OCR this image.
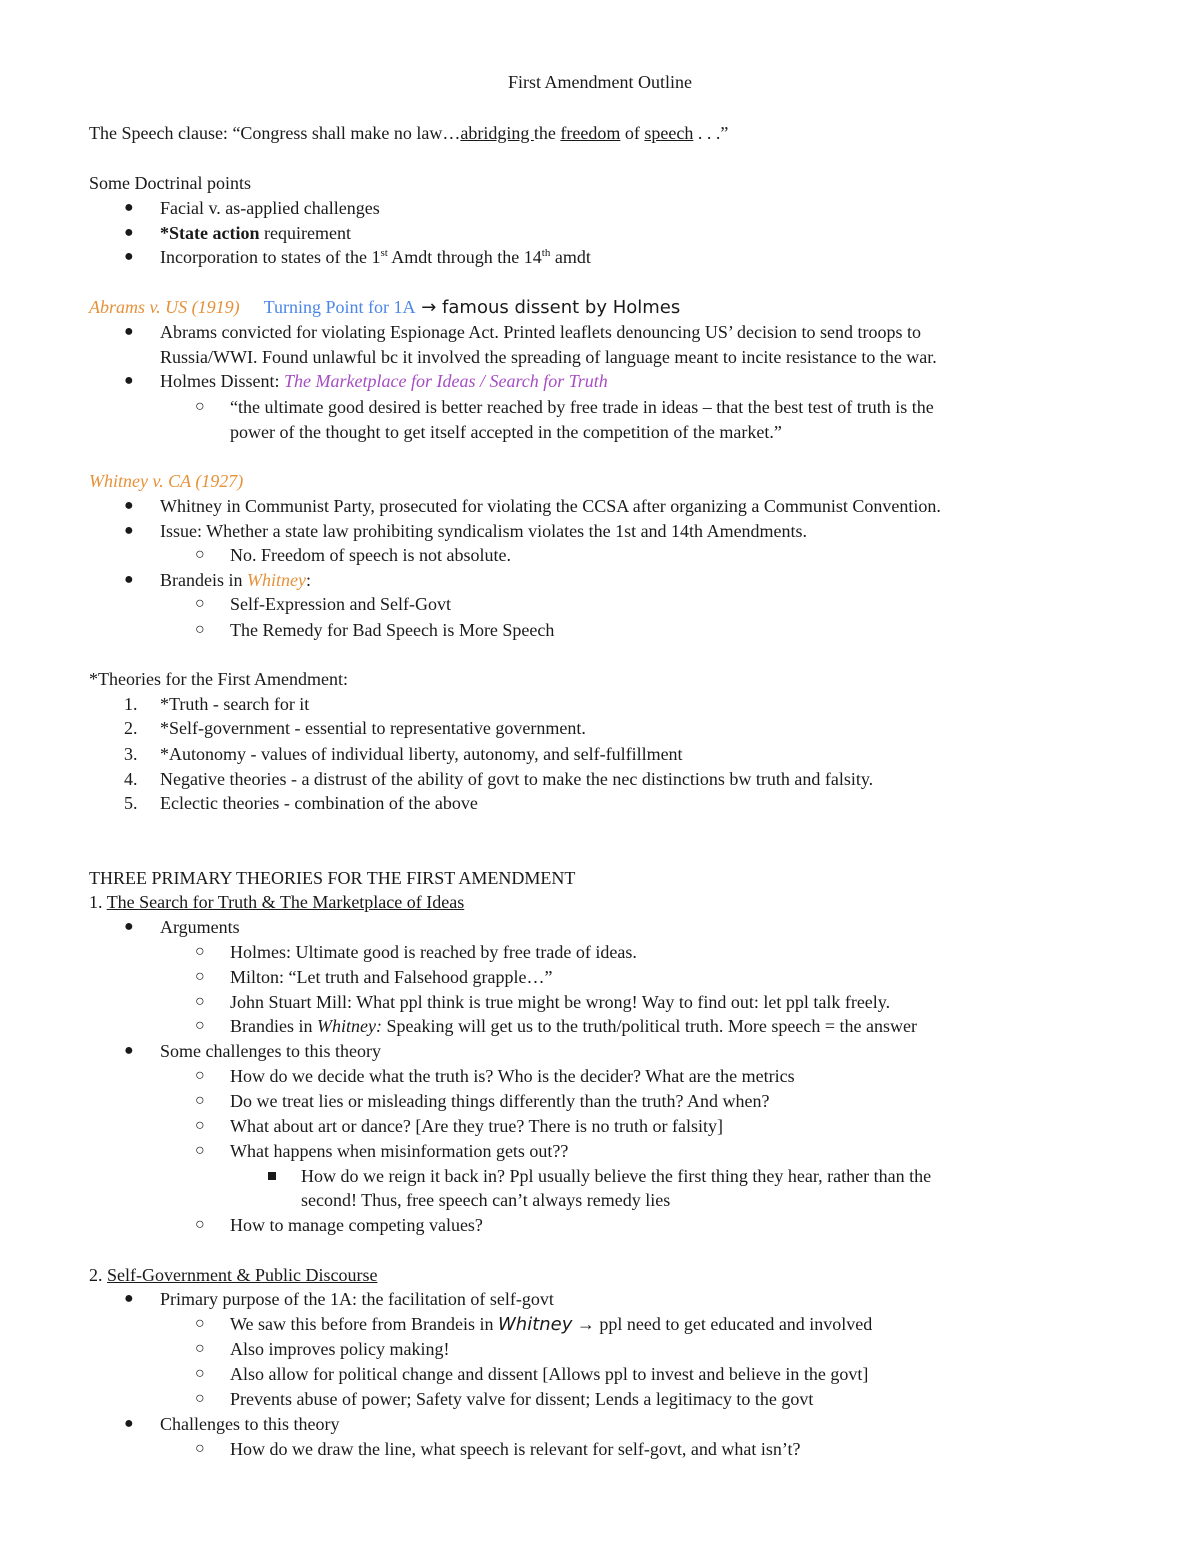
First Amendment Outline
The Speech clause: “Congress shall make no law…abridging the freedom of speech . . .”
Some Doctrinal points
● Facial v. as-applied challenges
● *State action requirement
● Incorporation to states of the 1st Amdt through the 14th amdt
Abrams v. US (1919) Turning Point for 1A → famous dissent by Holmes
● Abrams convicted for violating Espionage Act. Printed leaflets denouncing US’ decision to send troops to
Russia/WWI. Found unlawful bc it involved the spreading of language meant to incite resistance to the war.
● Holmes Dissent: The Marketplace for Ideas / Search for Truth
○ “the ultimate good desired is better reached by free trade in ideas – that the best test of truth is the
power of the thought to get itself accepted in the competition of the market.”
Whitney v. CA (1927)
● Whitney in Communist Party, prosecuted for violating the CCSA after organizing a Communist Convention.
● Issue: Whether a state law prohibiting syndicalism violates the 1st and 14th Amendments.
○ No. Freedom of speech is not absolute.
● Brandeis in Whitney:
○ Self-Expression and Self-Govt
○ The Remedy for Bad Speech is More Speech
*Theories for the First Amendment:
1. *Truth - search for it
2. *Self-government - essential to representative government.
3. *Autonomy - values of individual liberty, autonomy, and self-fulfillment
4. Negative theories - a distrust of the ability of govt to make the nec distinctions bw truth and falsity.
5. Eclectic theories - combination of the above
THREE PRIMARY THEORIES FOR THE FIRST AMENDMENT
1. The Search for Truth & The Marketplace of Ideas
● Arguments
○ Holmes: Ultimate good is reached by free trade of ideas.
○ Milton: “Let truth and Falsehood grapple…”
○ John Stuart Mill: What ppl think is true might be wrong! Way to find out: let ppl talk freely.
○ Brandies in Whitney: Speaking will get us to the truth/political truth. More speech = the answer
● Some challenges to this theory
○ How do we decide what the truth is? Who is the decider? What are the metrics
○ Do we treat lies or misleading things differently than the truth? And when?
○ What about art or dance? [Are they true? There is no truth or falsity]
○ What happens when misinformation gets out??
How do we reign it back in? Ppl usually believe the first thing they hear, rather than the
second! Thus, free speech can’t always remedy lies
○ How to manage competing values?
2. Self-Government & Public Discourse
● Primary purpose of the 1A: the facilitation of self-govt
○ We saw this before from Brandeis in Whitney → ppl need to get educated and involved
○ Also improves policy making!
○ Also allow for political change and dissent [Allows ppl to invest and believe in the govt]
○ Prevents abuse of power; Safety valve for dissent; Lends a legitimacy to the govt
● Challenges to this theory
○ How do we draw the line, what speech is relevant for self-govt, and what isn’t?
